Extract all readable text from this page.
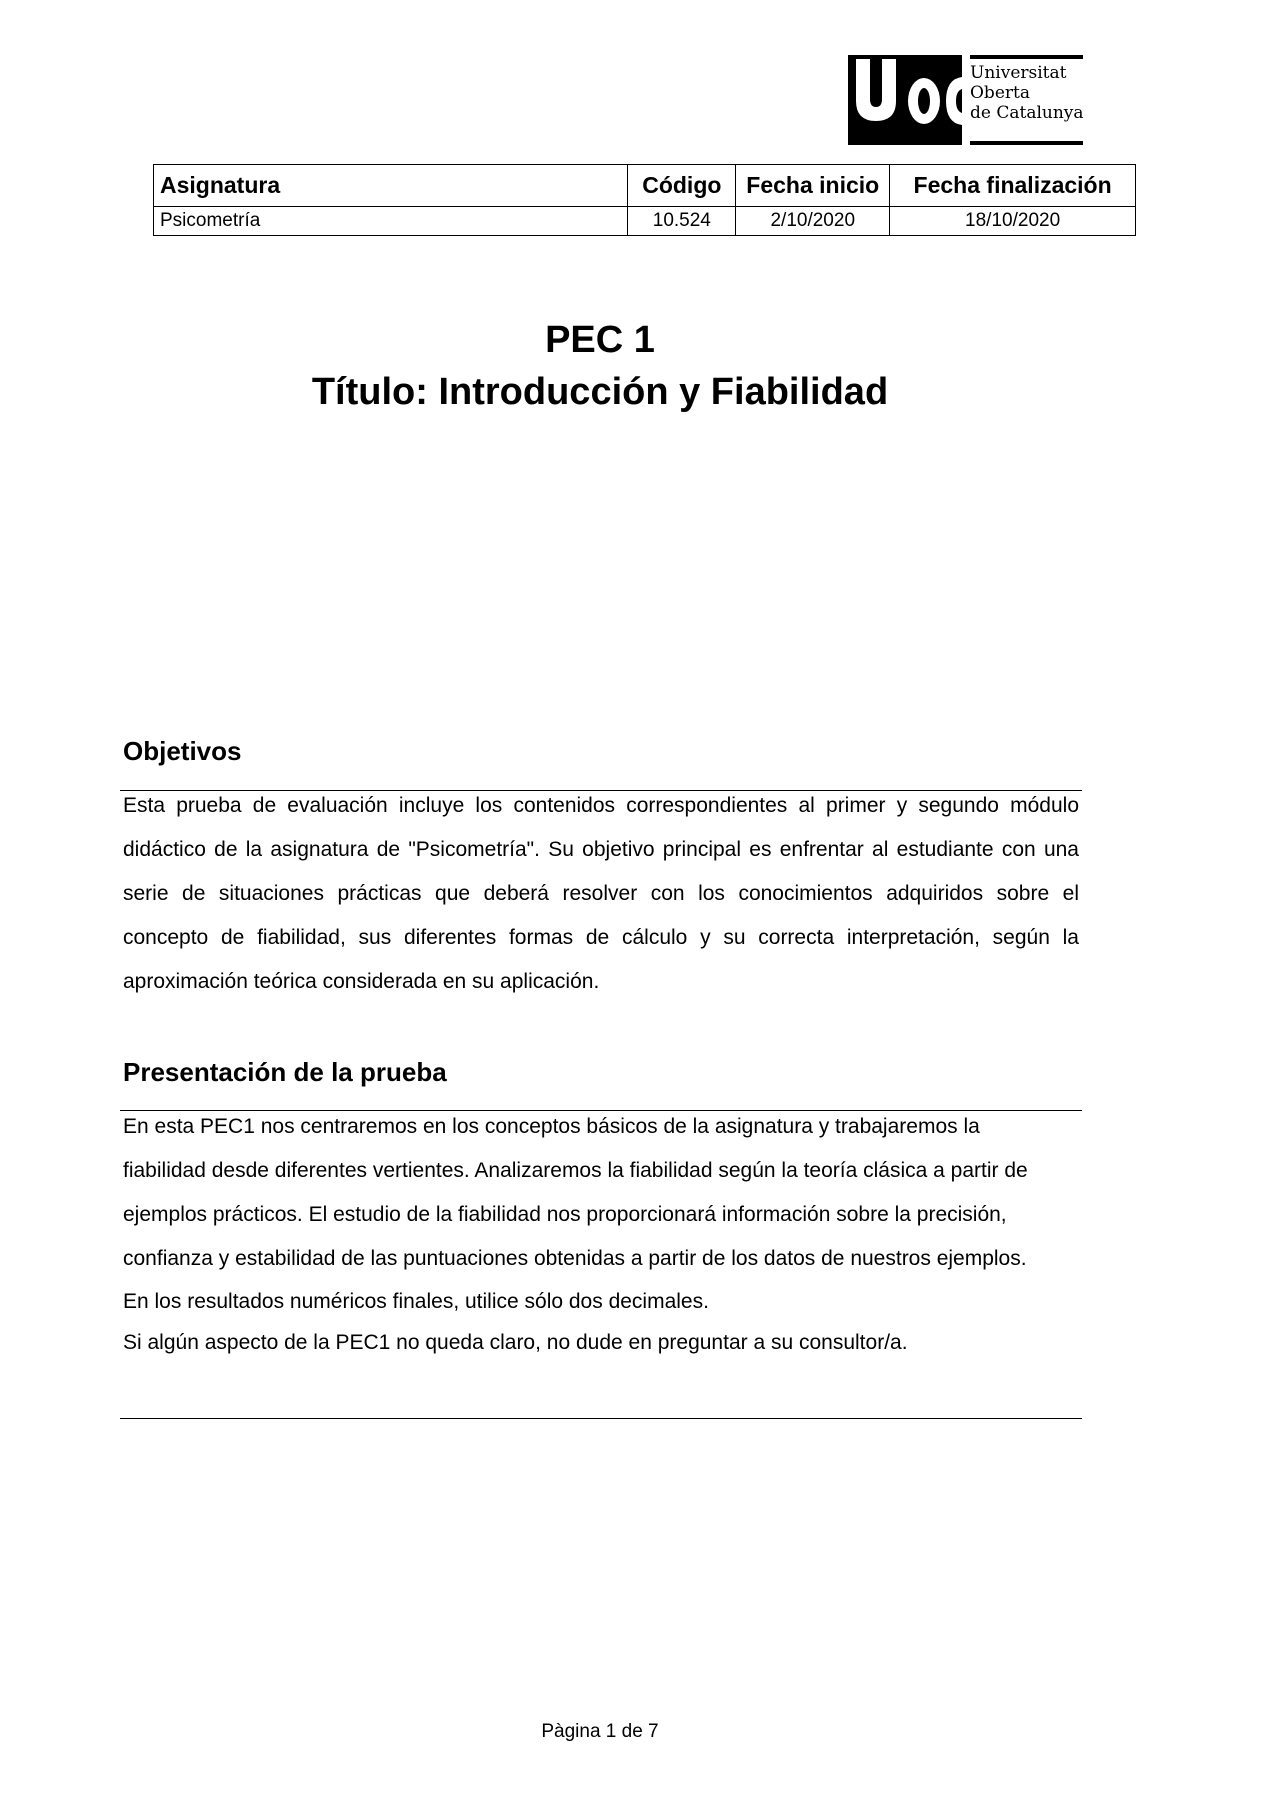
Universitat
Oberta
de Catalunya
Asignatura	Código	Fecha inicio	Fecha finalización
Psicometría	10.524	2/10/2020	18/10/2020
PEC 1
Título: Introducción y Fiabilidad
Objetivos
Esta prueba de evaluación incluye los contenidos correspondientes al primer y segundo módulo
didáctico de la asignatura de "Psicometría". Su objetivo principal es enfrentar al estudiante con una
serie de situaciones prácticas que deberá resolver con los conocimientos adquiridos sobre el
concepto de fiabilidad, sus diferentes formas de cálculo y su correcta interpretación, según la
aproximación teórica considerada en su aplicación.
Presentación de la prueba
En esta PEC1 nos centraremos en los conceptos básicos de la asignatura y trabajaremos la
fiabilidad desde diferentes vertientes. Analizaremos la fiabilidad según la teoría clásica a partir de
ejemplos prácticos. El estudio de la fiabilidad nos proporcionará información sobre la precisión,
confianza y estabilidad de las puntuaciones obtenidas a partir de los datos de nuestros ejemplos.
En los resultados numéricos finales, utilice sólo dos decimales.
Si algún aspecto de la PEC1 no queda claro, no dude en preguntar a su consultor/a.
Pàgina 1 de 7
